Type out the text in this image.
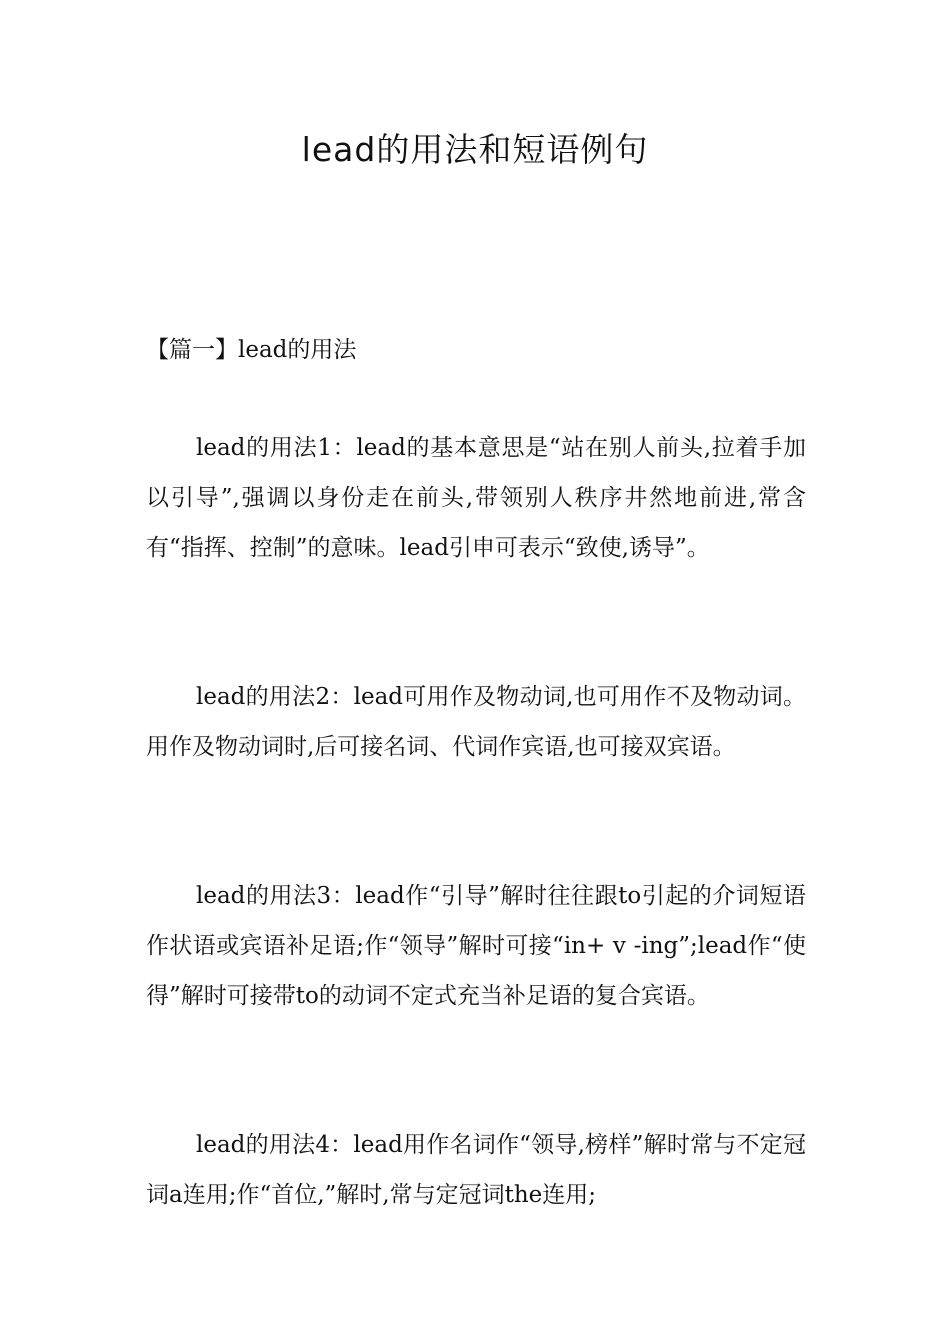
lead的用法和短语例句
【篇一】lead的用法

lead的用法1：lead的基本意思是“站在别人前头,拉着手加以引导”,强调以身份走在前头,带领别人秩序井然地前进,常含有“指挥、控制”的意味。lead引申可表示“致使,诱导”。

lead的用法2：lead可用作及物动词,也可用作不及物动词。用作及物动词时,后可接名词、代词作宾语,也可接双宾语。

lead的用法3：lead作“引导”解时往往跟to引起的介词短语作状语或宾语补足语;作“领导”解时可接“in+ v -ing”;lead作“使得”解时可接带to的动词不定式充当补足语的复合宾语。

lead的用法4：lead用作名词作“领导,榜样”解时常与不定冠词a连用;作“首位,”解时,常与定冠词the连用;
